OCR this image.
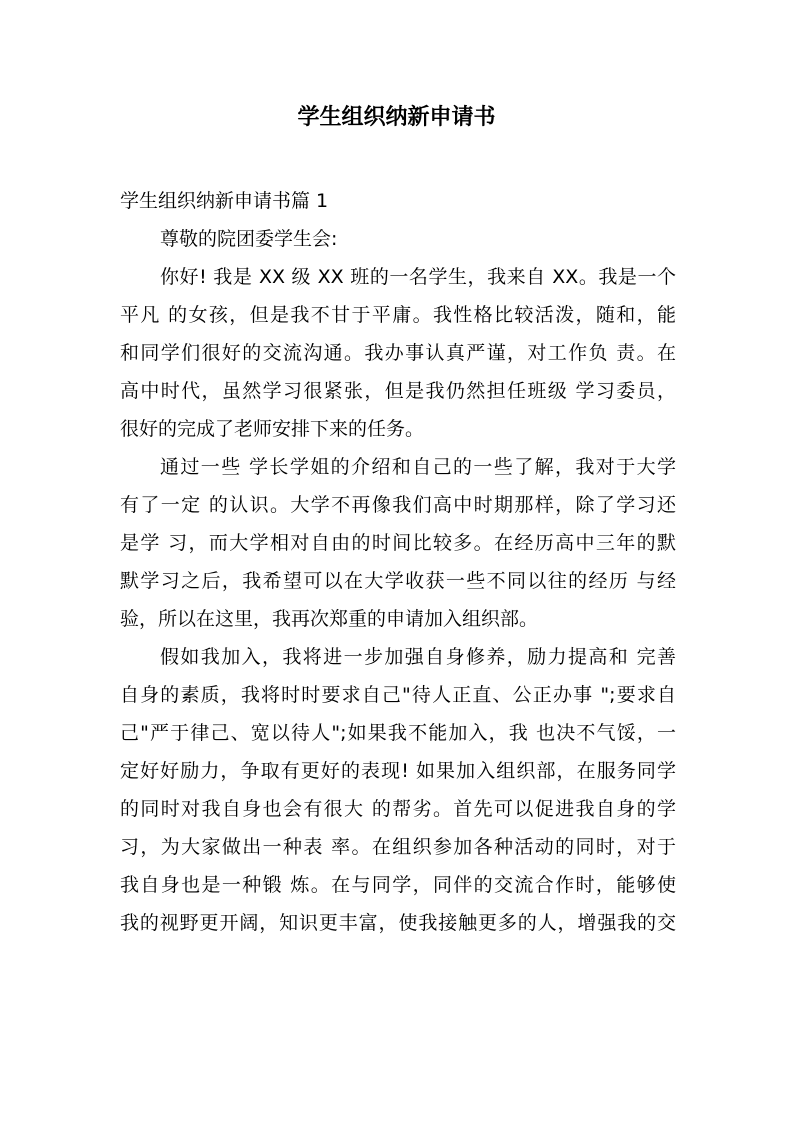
学生组织纳新申请书
学生组织纳新申请书篇 1
尊敬的院团委学生会:
你好! 我是 XX 级 XX 班的一名学生，我来自 XX。我是一个
平凡 的女孩，但是我不甘于平庸。我性格比较活泼，随和，能
和同学们很好的交流沟通。我办事认真严谨，对工作负 责。在
高中时代，虽然学习很紧张，但是我仍然担任班级 学习委员，
很好的完成了老师安排下来的任务。
通过一些 学长学姐的介绍和自己的一些了解，我对于大学
有了一定 的认识。大学不再像我们高中时期那样，除了学习还
是学 习，而大学相对自由的时间比较多。在经历高中三年的默
默学习之后，我希望可以在大学收获一些不同以往的经历 与经
验，所以在这里，我再次郑重的申请加入组织部。
假如我加入，我将进一步加强自身修养，励力提高和 完善
自身的素质，我将时时要求自己"待人正直、公正办事 ";要求自
己"严于律己、宽以待人";如果我不能加入，我 也决不气馁，一
定好好励力，争取有更好的表现! 如果加入组织部，在服务同学
的同时对我自身也会有很大 的帮劣。首先可以促进我自身的学
习，为大家做出一种表 率。在组织参加各种活动的同时，对于
我自身也是一种锻 炼。在与同学，同伴的交流合作时，能够使
我的视野更开阔，知识更丰富，使我接触更多的人，增强我的交
